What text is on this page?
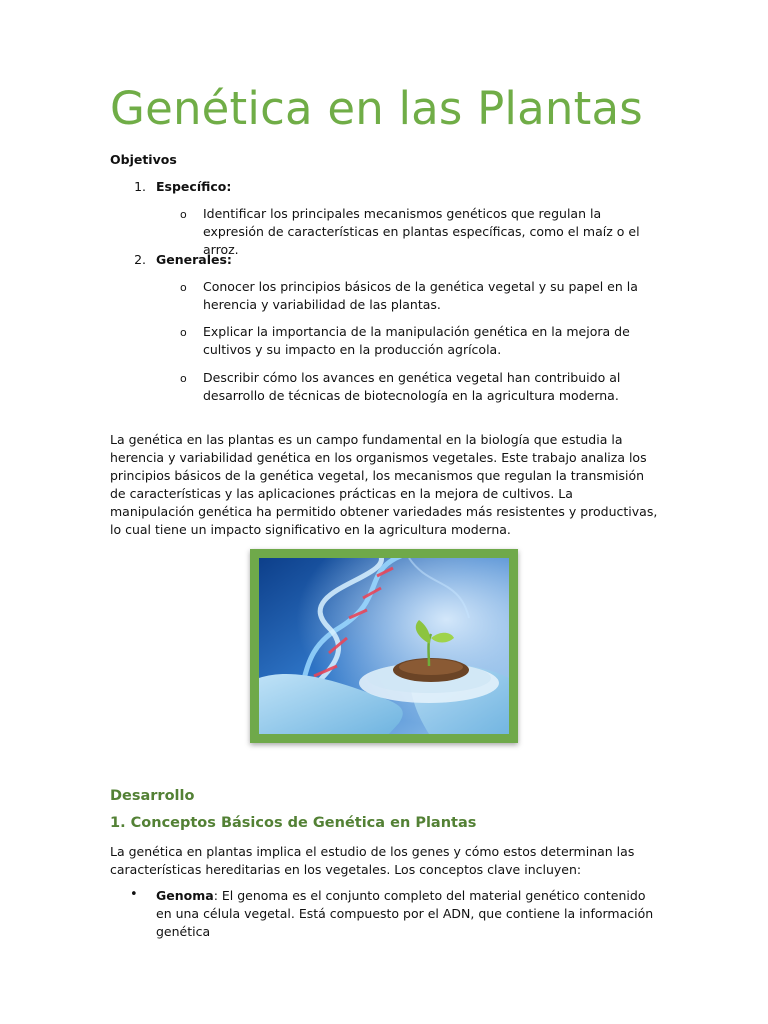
Genética en las Plantas
Objetivos
1. Específico:
o	Identificar los principales mecanismos genéticos que regulan la expresión de características en plantas específicas, como el maíz o el arroz.
2. Generales:
o	Conocer los principios básicos de la genética vegetal y su papel en la herencia y variabilidad de las plantas.
o	Explicar la importancia de la manipulación genética en la mejora de cultivos y su impacto en la producción agrícola.
o	Describir cómo los avances en genética vegetal han contribuido al desarrollo de técnicas de biotecnología en la agricultura moderna.
La genética en las plantas es un campo fundamental en la biología que estudia la herencia y variabilidad genética en los organismos vegetales. Este trabajo analiza los principios básicos de la genética vegetal, los mecanismos que regulan la transmisión de características y las aplicaciones prácticas en la mejora de cultivos. La manipulación genética ha permitido obtener variedades más resistentes y productivas, lo cual tiene un impacto significativo en la agricultura moderna.
Desarrollo
1. Conceptos Básicos de Genética en Plantas
La genética en plantas implica el estudio de los genes y cómo estos determinan las características hereditarias en los vegetales. Los conceptos clave incluyen:
• Genoma: El genoma es el conjunto completo del material genético contenido en una célula vegetal. Está compuesto por el ADN, que contiene la información genética
